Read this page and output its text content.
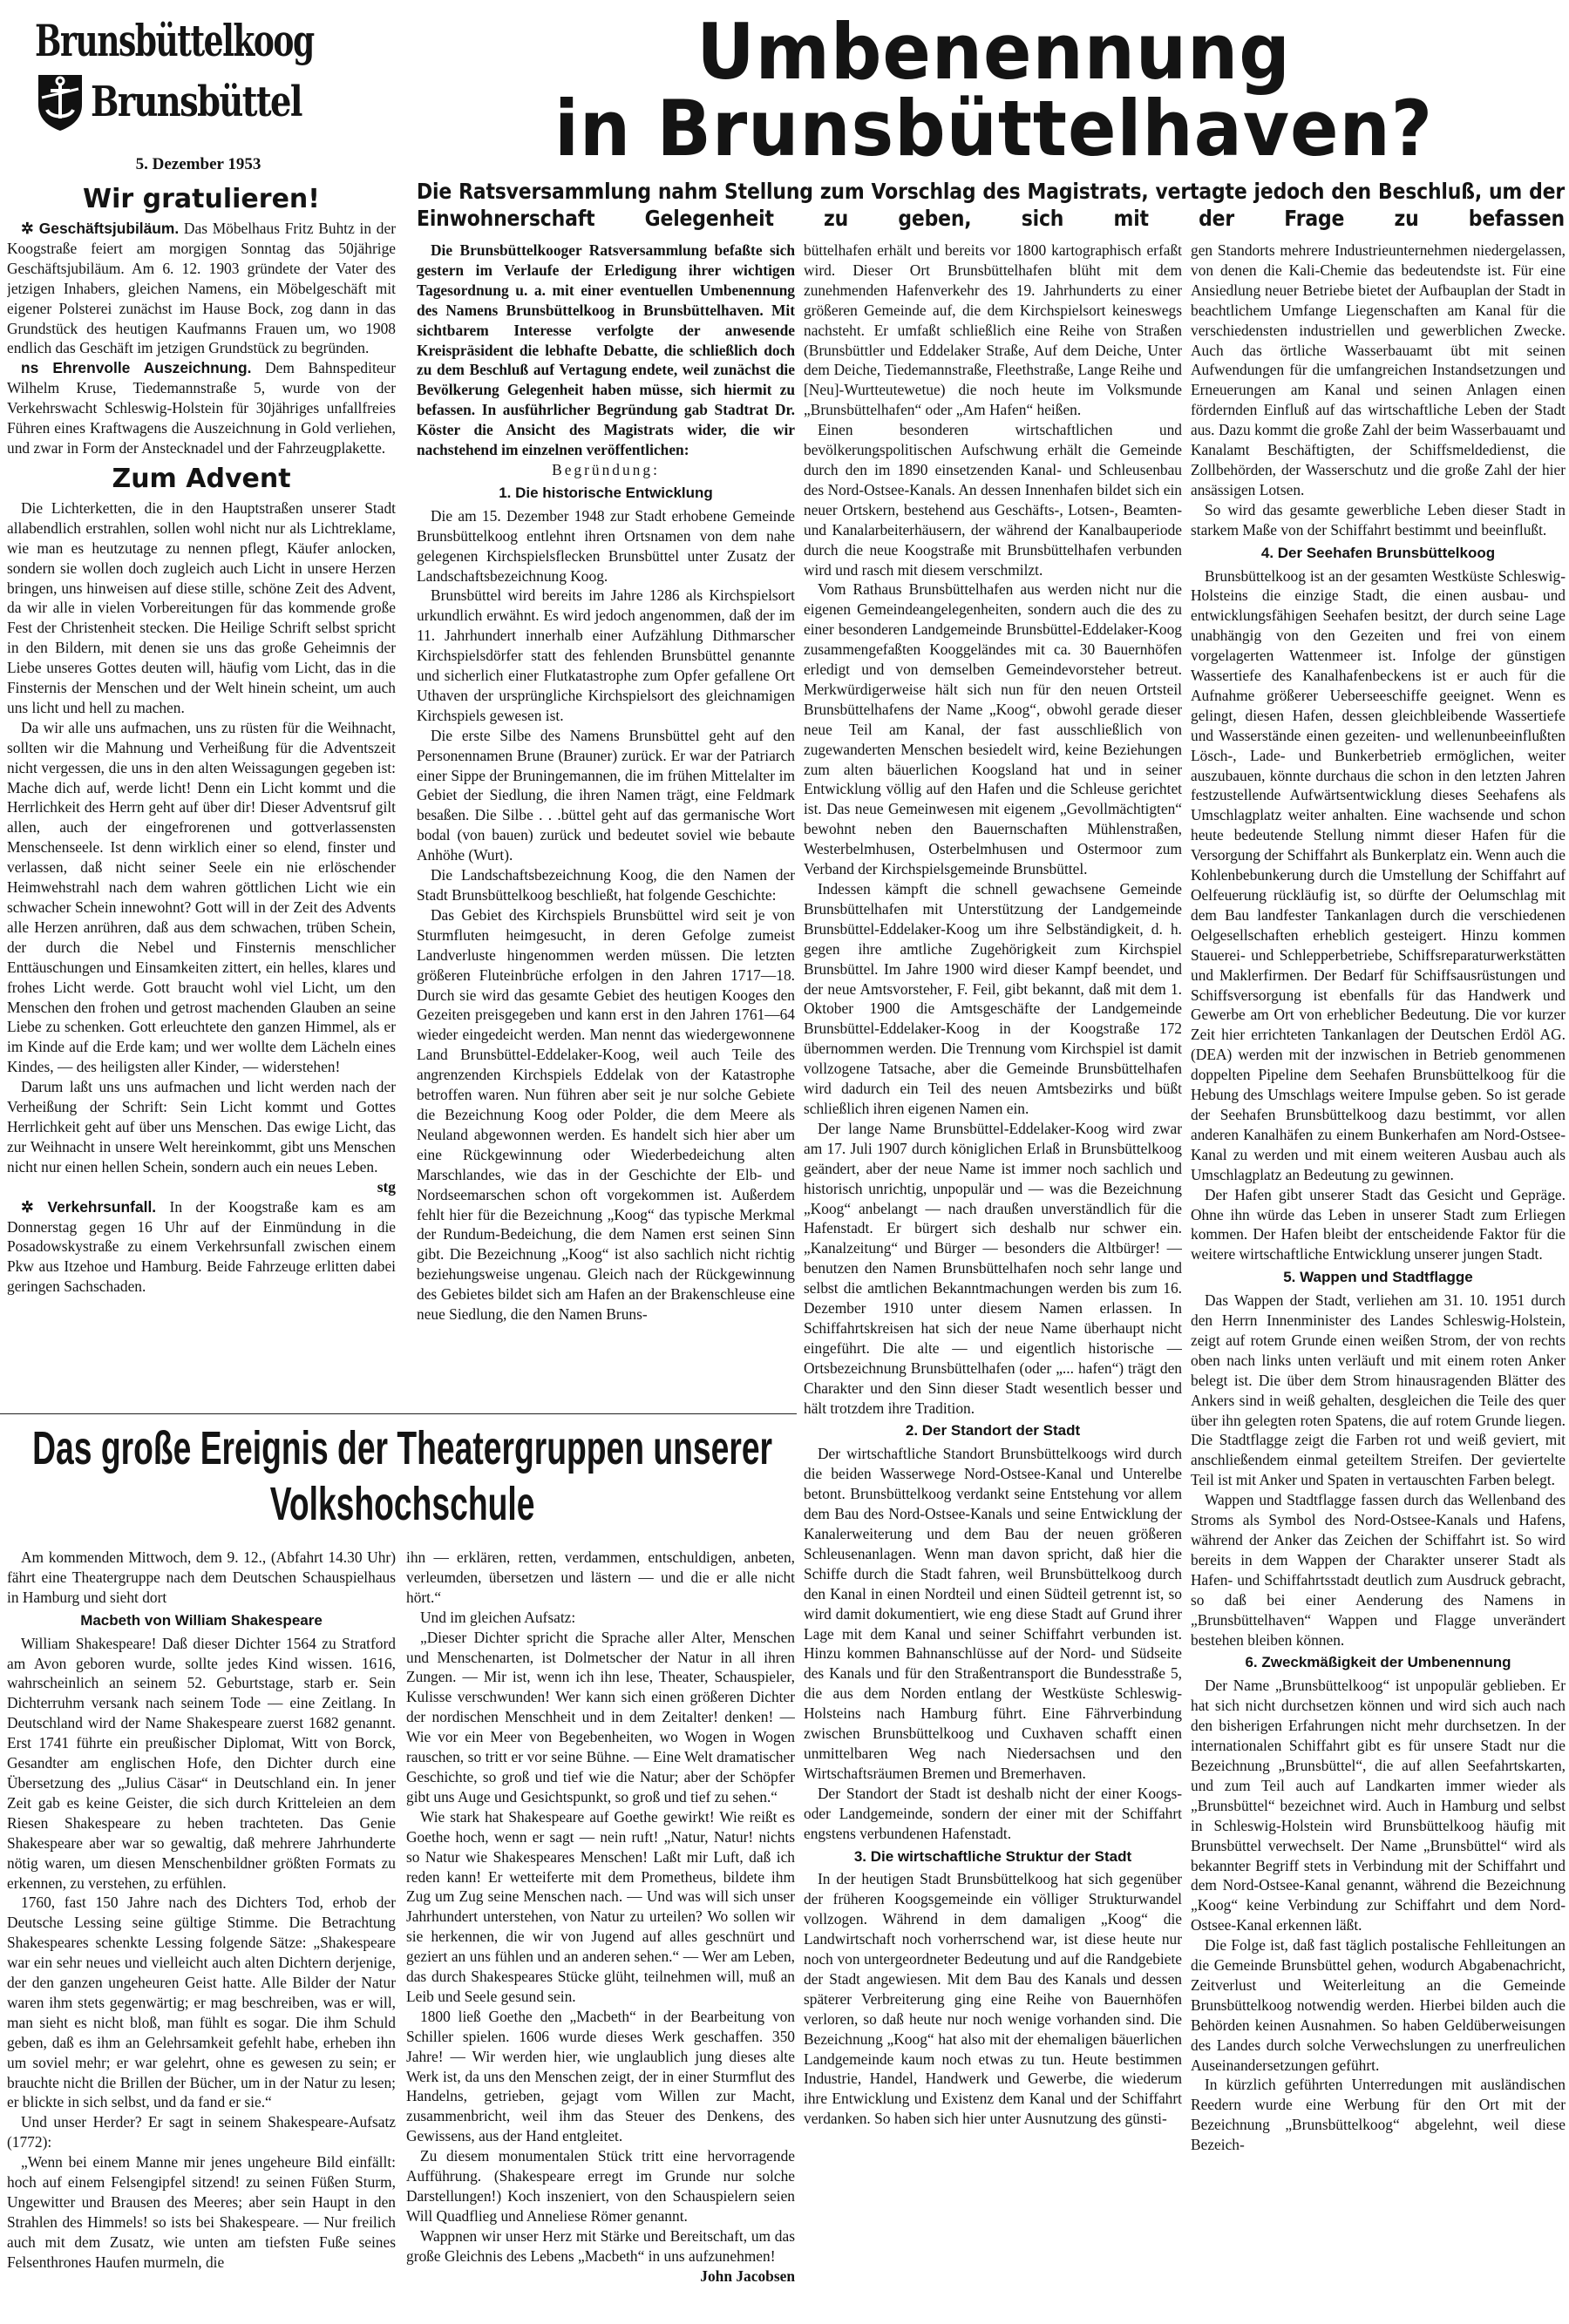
Brunsbüttelkoog
Brunsbüttel
5. Dezember 1953
Umbenennung
in Brunsbüttelhaven?
Die Ratsversammlung nahm Stellung zum Vorschlag des Magistrats, vertagte jedoch den Beschluß, um der Einwohnerschaft Gelegenheit zu geben, sich mit der Frage zu befassen

Wir gratulieren!

✲ Geschäftsjubiläum. Das Möbelhaus Fritz Buhtz in der Koogstraße feiert am morgigen Sonntag das 50jährige Geschäftsjubiläum. Am 6. 12. 1903 gründete der Vater des jetzigen Inhabers, gleichen Namens, ein Möbelgeschäft mit eigener Polsterei zunächst im Hause Bock, zog dann in das Grundstück des heutigen Kaufmanns Frauen um, wo 1908 endlich das Geschäft im jetzigen Grundstück zu begründen.

ns Ehrenvolle Auszeichnung. Dem Bahnspediteur Wilhelm Kruse, Tiedemannstraße 5, wurde von der Verkehrswacht Schleswig-Holstein für 30jähriges unfallfreies Führen eines Kraftwagens die Auszeichnung in Gold verliehen, und zwar in Form der Anstecknadel und der Fahrzeugplakette.

Zum Advent

Die Lichterketten, die in den Hauptstraßen unserer Stadt allabendlich erstrahlen, sollen wohl nicht nur als Lichtreklame, wie man es heutzutage zu nennen pflegt, Käufer anlocken, sondern sie wollen doch zugleich auch Licht in unsere Herzen bringen, uns hinweisen auf diese stille, schöne Zeit des Advent, da wir alle in vielen Vorbereitungen für das kommende große Fest der Christenheit stecken. Die Heilige Schrift selbst spricht in den Bildern, mit denen sie uns das große Geheimnis der Liebe unseres Gottes deuten will, häufig vom Licht, das in die Finsternis der Menschen und der Welt hinein scheint, um auch uns licht und hell zu machen.

Da wir alle uns aufmachen, uns zu rüsten für die Weihnacht, sollten wir die Mahnung und Verheißung für die Adventszeit nicht vergessen, die uns in den alten Weissagungen gegeben ist: Mache dich auf, werde licht! Denn ein Licht kommt und die Herrlichkeit des Herrn geht auf über dir! Dieser Adventsruf gilt allen, auch der eingefrorenen und gottverlassensten Menschenseele. Ist denn wirklich einer so elend, finster und verlassen, daß nicht seiner Seele ein nie erlöschender Heimwehstrahl nach dem wahren göttlichen Licht wie ein schwacher Schein innewohnt? Gott will in der Zeit des Advents alle Herzen anrühren, daß aus dem schwachen, trüben Schein, der durch die Nebel und Finsternis menschlicher Enttäuschungen und Einsamkeiten zittert, ein helles, klares und frohes Licht werde. Gott braucht wohl viel Licht, um den Menschen den frohen und getrost machenden Glauben an seine Liebe zu schenken. Gott erleuchtete den ganzen Himmel, als er im Kinde auf die Erde kam; und wer wollte dem Lächeln eines Kindes, — des heiligsten aller Kinder, — widerstehen!

Darum laßt uns uns aufmachen und licht werden nach der Verheißung der Schrift: Sein Licht kommt und Gottes Herrlichkeit geht auf über uns Menschen. Das ewige Licht, das zur Weihnacht in unsere Welt hereinkommt, gibt uns Menschen nicht nur einen hellen Schein, sondern auch ein neues Leben.

stg

✲ Verkehrsunfall. In der Koogstraße kam es am Donnerstag gegen 16 Uhr auf der Einmündung in die Posadowskystraße zu einem Verkehrsunfall zwischen einem Pkw aus Itzehoe und Hamburg. Beide Fahrzeuge erlitten dabei geringen Sachschaden.

Die Brunsbüttelkooger Ratsversammlung befaßte sich gestern im Verlaufe der Erledigung ihrer wichtigen Tagesordnung u. a. mit einer eventuellen Umbenennung des Namens Brunsbüttelkoog in Brunsbüttelhaven. Mit sichtbarem Interesse verfolgte der anwesende Kreispräsident die lebhafte Debatte, die schließlich doch zu dem Beschluß auf Vertagung endete, weil zunächst die Bevölkerung Gelegenheit haben müsse, sich hiermit zu befassen. In ausführlicher Begründung gab Stadtrat Dr. Köster die Ansicht des Magistrats wider, die wir nachstehend im einzelnen veröffentlichen:

Begründung:

1. Die historische Entwicklung

Die am 15. Dezember 1948 zur Stadt erhobene Gemeinde Brunsbüttelkoog entlehnt ihren Ortsnamen von dem nahe gelegenen Kirchspielsflecken Brunsbüttel unter Zusatz der Landschaftsbezeichnung Koog.

Brunsbüttel wird bereits im Jahre 1286 als Kirchspielsort urkundlich erwähnt. Es wird jedoch angenommen, daß der im 11. Jahrhundert innerhalb einer Aufzählung Dithmarscher Kirchspielsdörfer statt des fehlenden Brunsbüttel genannte und sicherlich einer Flutkatastrophe zum Opfer gefallene Ort Uthaven der ursprüngliche Kirchspielsort des gleichnamigen Kirchspiels gewesen ist.

Die erste Silbe des Namens Brunsbüttel geht auf den Personennamen Brune (Brauner) zurück. Er war der Patriarch einer Sippe der Bruningemannen, die im frühen Mittelalter im Gebiet der Siedlung, die ihren Namen trägt, eine Feldmark besaßen. Die Silbe . . .büttel geht auf das germanische Wort bodal (von bauen) zurück und bedeutet soviel wie bebaute Anhöhe (Wurt).

Die Landschaftsbezeichnung Koog, die den Namen der Stadt Brunsbüttelkoog beschließt, hat folgende Geschichte:

Das Gebiet des Kirchspiels Brunsbüttel wird seit je von Sturmfluten heimgesucht, in deren Gefolge zumeist Landverluste hingenommen werden müssen. Die letzten größeren Fluteinbrüche erfolgen in den Jahren 1717—18. Durch sie wird das gesamte Gebiet des heutigen Kooges den Gezeiten preisgegeben und kann erst in den Jahren 1761—64 wieder eingedeicht werden. Man nennt das wiedergewonnene Land Brunsbüttel-Eddelaker-Koog, weil auch Teile des angrenzenden Kirchspiels Eddelak von der Katastrophe betroffen waren. Nun führen aber seit je nur solche Gebiete die Bezeichnung Koog oder Polder, die dem Meere als Neuland abgewonnen werden. Es handelt sich hier aber um eine Rückgewinnung oder Wiederbedeichung alten Marschlandes, wie das in der Geschichte der Elb- und Nordseemarschen schon oft vorgekommen ist. Außerdem fehlt hier für die Bezeichnung „Koog“ das typische Merkmal der Rundum-Bedeichung, die dem Namen erst seinen Sinn gibt. Die Bezeichnung „Koog“ ist also sachlich nicht richtig beziehungsweise ungenau. Gleich nach der Rückgewinnung des Gebietes bildet sich am Hafen an der Brakenschleuse eine neue Siedlung, die den Namen Bruns-

büttelhafen erhält und bereits vor 1800 kartographisch erfaßt wird. Dieser Ort Brunsbüttelhafen blüht mit dem zunehmenden Hafenverkehr des 19. Jahrhunderts zu einer größeren Gemeinde auf, die dem Kirchspielsort keineswegs nachsteht. Er umfaßt schließlich eine Reihe von Straßen (Brunsbüttler und Eddelaker Straße, Auf dem Deiche, Unter dem Deiche, Tiedemannstraße, Fleethstraße, Lange Reihe und [Neu]-Wurtteutewetue) die noch heute im Volksmunde „Brunsbüttelhafen“ oder „Am Hafen“ heißen.

Einen besonderen wirtschaftlichen und bevölkerungspolitischen Aufschwung erhält die Gemeinde durch den im 1890 einsetzenden Kanal- und Schleusenbau des Nord-Ostsee-Kanals. An dessen Innenhafen bildet sich ein neuer Ortskern, bestehend aus Geschäfts-, Lotsen-, Beamten- und Kanalarbeiterhäusern, der während der Kanalbauperiode durch die neue Koogstraße mit Brunsbüttelhafen verbunden wird und rasch mit diesem verschmilzt.

Vom Rathaus Brunsbüttelhafen aus werden nicht nur die eigenen Gemeindeangelegenheiten, sondern auch die des zu einer besonderen Landgemeinde Brunsbüttel-Eddelaker-Koog zusammengefaßten Kooggeländes mit ca. 30 Bauernhöfen erledigt und von demselben Gemeindevorsteher betreut. Merkwürdigerweise hält sich nun für den neuen Ortsteil Brunsbüttelhafens der Name „Koog“, obwohl gerade dieser neue Teil am Kanal, der fast ausschließlich von zugewanderten Menschen besiedelt wird, keine Beziehungen zum alten bäuerlichen Koogsland hat und in seiner Entwicklung völlig auf den Hafen und die Schleuse gerichtet ist. Das neue Gemeinwesen mit eigenem „Gevollmächtigten“ bewohnt neben den Bauernschaften Mühlenstraßen, Westerbelmhusen, Osterbelmhusen und Ostermoor zum Verband der Kirchspielsgemeinde Brunsbüttel.

Indessen kämpft die schnell gewachsene Gemeinde Brunsbüttelhafen mit Unterstützung der Landgemeinde Brunsbüttel-Eddelaker-Koog um ihre Selbständigkeit, d. h. gegen ihre amtliche Zugehörigkeit zum Kirchspiel Brunsbüttel. Im Jahre 1900 wird dieser Kampf beendet, und der neue Amtsvorsteher, F. Feil, gibt bekannt, daß mit dem 1. Oktober 1900 die Amtsgeschäfte der Landgemeinde Brunsbüttel-Eddelaker-Koog in der Koogstraße 172 übernommen werden. Die Trennung vom Kirchspiel ist damit vollzogene Tatsache, aber die Gemeinde Brunsbüttelhafen wird dadurch ein Teil des neuen Amtsbezirks und büßt schließlich ihren eigenen Namen ein.

Der lange Name Brunsbüttel-Eddelaker-Koog wird zwar am 17. Juli 1907 durch königlichen Erlaß in Brunsbüttelkoog geändert, aber der neue Name ist immer noch sachlich und historisch unrichtig, unpopulär und — was die Bezeichnung „Koog“ anbelangt — nach draußen unverständlich für die Hafenstadt. Er bürgert sich deshalb nur schwer ein. „Kanalzeitung“ und Bürger — besonders die Altbürger! — benutzen den Namen Brunsbüttelhafen noch sehr lange und selbst die amtlichen Bekanntmachungen werden bis zum 16. Dezember 1910 unter diesem Namen erlassen. In Schiffahrtskreisen hat sich der neue Name überhaupt nicht eingeführt. Die alte — und eigentlich historische — Ortsbezeichnung Brunsbüttelhafen (oder „... hafen“) trägt den Charakter und den Sinn dieser Stadt wesentlich besser und hält trotzdem ihre Tradition.

2. Der Standort der Stadt

Der wirtschaftliche Standort Brunsbüttelkoogs wird durch die beiden Wasserwege Nord-Ostsee-Kanal und Unterelbe betont. Brunsbüttelkoog verdankt seine Entstehung vor allem dem Bau des Nord-Ostsee-Kanals und seine Entwicklung der Kanalerweiterung und dem Bau der neuen größeren Schleusenanlagen. Wenn man davon spricht, daß hier die Schiffe durch die Stadt fahren, weil Brunsbüttelkoog durch den Kanal in einen Nordteil und einen Südteil getrennt ist, so wird damit dokumentiert, wie eng diese Stadt auf Grund ihrer Lage mit dem Kanal und seiner Schiffahrt verbunden ist. Hinzu kommen Bahnanschlüsse auf der Nord- und Südseite des Kanals und für den Straßentransport die Bundesstraße 5, die aus dem Norden entlang der Westküste Schleswig-Holsteins nach Hamburg führt. Eine Fährverbindung zwischen Brunsbüttelkoog und Cuxhaven schafft einen unmittelbaren Weg nach Niedersachsen und den Wirtschaftsräumen Bremen und Bremerhaven.

Der Standort der Stadt ist deshalb nicht der einer Koogs- oder Landgemeinde, sondern der einer mit der Schiffahrt engstens verbundenen Hafenstadt.

3. Die wirtschaftliche Struktur der Stadt

In der heutigen Stadt Brunsbüttelkoog hat sich gegenüber der früheren Koogsgemeinde ein völliger Strukturwandel vollzogen. Während in dem damaligen „Koog“ die Landwirtschaft noch vorherrschend war, ist diese heute nur noch von untergeordneter Bedeutung und auf die Randgebiete der Stadt angewiesen. Mit dem Bau des Kanals und dessen späterer Verbreiterung ging eine Reihe von Bauernhöfen verloren, so daß heute nur noch wenige vorhanden sind. Die Bezeichnung „Koog“ hat also mit der ehemaligen bäuerlichen Landgemeinde kaum noch etwas zu tun. Heute bestimmen Industrie, Handel, Handwerk und Gewerbe, die wiederum ihre Entwicklung und Existenz dem Kanal und der Schiffahrt verdanken. So haben sich hier unter Ausnutzung des günsti-

gen Standorts mehrere Industrieunternehmen niedergelassen, von denen die Kali-Chemie das bedeutendste ist. Für eine Ansiedlung neuer Betriebe bietet der Aufbauplan der Stadt in beachtlichem Umfange Liegenschaften am Kanal für die verschiedensten industriellen und gewerblichen Zwecke. Auch das örtliche Wasserbauamt übt mit seinen Aufwendungen für die umfangreichen Instandsetzungen und Erneuerungen am Kanal und seinen Anlagen einen fördernden Einfluß auf das wirtschaftliche Leben der Stadt aus. Dazu kommt die große Zahl der beim Wasserbauamt und Kanalamt Beschäftigten, der Schiffsmeldedienst, die Zollbehörden, der Wasserschutz und die große Zahl der hier ansässigen Lotsen.

So wird das gesamte gewerbliche Leben dieser Stadt in starkem Maße von der Schiffahrt bestimmt und beeinflußt.

4. Der Seehafen Brunsbüttelkoog

Brunsbüttelkoog ist an der gesamten Westküste Schleswig-Holsteins die einzige Stadt, die einen ausbau- und entwicklungsfähigen Seehafen besitzt, der durch seine Lage unabhängig von den Gezeiten und frei von einem vorgelagerten Wattenmeer ist. Infolge der günstigen Wassertiefe des Kanalhafenbeckens ist er auch für die Aufnahme größerer Ueberseeschiffe geeignet. Wenn es gelingt, diesen Hafen, dessen gleichbleibende Wassertiefe und Wasserstände einen gezeiten- und wellenunbeeinflußten Lösch-, Lade- und Bunkerbetrieb ermöglichen, weiter auszubauen, könnte durchaus die schon in den letzten Jahren festzustellende Aufwärtsentwicklung dieses Seehafens als Umschlagplatz weiter anhalten. Eine wachsende und schon heute bedeutende Stellung nimmt dieser Hafen für die Versorgung der Schiffahrt als Bunkerplatz ein. Wenn auch die Kohlenbebunkerung durch die Umstellung der Schiffahrt auf Oelfeuerung rückläufig ist, so dürfte der Oelumschlag mit dem Bau landfester Tankanlagen durch die verschiedenen Oelgesellschaften erheblich gesteigert. Hinzu kommen Stauerei- und Schlepperbetriebe, Schiffsreparaturwerkstätten und Maklerfirmen. Der Bedarf für Schiffsausrüstungen und Schiffsversorgung ist ebenfalls für das Handwerk und Gewerbe am Ort von erheblicher Bedeutung. Die vor kurzer Zeit hier errichteten Tankanlagen der Deutschen Erdöl AG. (DEA) werden mit der inzwischen in Betrieb genommenen doppelten Pipeline dem Seehafen Brunsbüttelkoog für die Hebung des Umschlags weitere Impulse geben. So ist gerade der Seehafen Brunsbüttelkoog dazu bestimmt, vor allen anderen Kanalhäfen zu einem Bunkerhafen am Nord-Ostsee-Kanal zu werden und mit einem weiteren Ausbau auch als Umschlagplatz an Bedeutung zu gewinnen.

Der Hafen gibt unserer Stadt das Gesicht und Gepräge. Ohne ihn würde das Leben in unserer Stadt zum Erliegen kommen. Der Hafen bleibt der entscheidende Faktor für die weitere wirtschaftliche Entwicklung unserer jungen Stadt.

5. Wappen und Stadtflagge

Das Wappen der Stadt, verliehen am 31. 10. 1951 durch den Herrn Innenminister des Landes Schleswig-Holstein, zeigt auf rotem Grunde einen weißen Strom, der von rechts oben nach links unten verläuft und mit einem roten Anker belegt ist. Die über dem Strom hinausragenden Blätter des Ankers sind in weiß gehalten, desgleichen die Teile des quer über ihn gelegten roten Spatens, die auf rotem Grunde liegen. Die Stadtflagge zeigt die Farben rot und weiß geviert, mit anschließendem einmal geteiltem Streifen. Der geviertelte Teil ist mit Anker und Spaten in vertauschten Farben belegt.

Wappen und Stadtflagge fassen durch das Wellenband des Stroms als Symbol des Nord-Ostsee-Kanals und Hafens, während der Anker das Zeichen der Schiffahrt ist. So wird bereits in dem Wappen der Charakter unserer Stadt als Hafen- und Schiffahrtsstadt deutlich zum Ausdruck gebracht, so daß bei einer Aenderung des Namens in „Brunsbüttelhaven“ Wappen und Flagge unverändert bestehen bleiben können.

6. Zweckmäßigkeit der Umbenennung

Der Name „Brunsbüttelkoog“ ist unpopulär geblieben. Er hat sich nicht durchsetzen können und wird sich auch nach den bisherigen Erfahrungen nicht mehr durchsetzen. In der internationalen Schiffahrt gibt es für unsere Stadt nur die Bezeichnung „Brunsbüttel“, die auf allen Seefahrtskarten, und zum Teil auch auf Landkarten immer wieder als „Brunsbüttel“ bezeichnet wird. Auch in Hamburg und selbst in Schleswig-Holstein wird Brunsbüttelkoog häufig mit Brunsbüttel verwechselt. Der Name „Brunsbüttel“ wird als bekannter Begriff stets in Verbindung mit der Schiffahrt und dem Nord-Ostsee-Kanal genannt, während die Bezeichnung „Koog“ keine Verbindung zur Schiffahrt und dem Nord-Ostsee-Kanal erkennen läßt.

Die Folge ist, daß fast täglich postalische Fehlleitungen an die Gemeinde Brunsbüttel gehen, wodurch Abgabenachricht, Zeitverlust und Weiterleitung an die Gemeinde Brunsbüttelkoog notwendig werden. Hierbei bilden auch die Behörden keinen Ausnahmen. So haben Geldüberweisungen des Landes durch solche Verwechslungen zu unerfreulichen Auseinandersetzungen geführt.

In kürzlich geführten Unterredungen mit ausländischen Reedern wurde eine Werbung für den Ort mit der Bezeichnung „Brunsbüttelkoog“ abgelehnt, weil diese Bezeich-

Das große Ereignis der Theatergruppen unserer Volkshochschule

Am kommenden Mittwoch, dem 9. 12., (Abfahrt 14.30 Uhr) fährt eine Theatergruppe nach dem Deutschen Schauspielhaus in Hamburg und sieht dort

Macbeth von William Shakespeare

William Shakespeare! Daß dieser Dichter 1564 zu Stratford am Avon geboren wurde, sollte jedes Kind wissen. 1616, wahrscheinlich an seinem 52. Geburtstage, starb er. Sein Dichterruhm versank nach seinem Tode — eine Zeitlang. In Deutschland wird der Name Shakespeare zuerst 1682 genannt. Erst 1741 führte ein preußischer Diplomat, Witt von Borck, Gesandter am englischen Hofe, den Dichter durch eine Übersetzung des „Julius Cäsar“ in Deutschland ein. In jener Zeit gab es keine Geister, die sich durch Kritteleien an dem Riesen Shakespeare zu heben trachteten. Das Genie Shakespeare aber war so gewaltig, daß mehrere Jahrhunderte nötig waren, um diesen Menschenbildner größten Formats zu erkennen, zu verstehen, zu erfühlen.

1760, fast 150 Jahre nach des Dichters Tod, erhob der Deutsche Lessing seine gültige Stimme. Die Betrachtung Shakespeares schenkte Lessing folgende Sätze: „Shakespeare war ein sehr neues und vielleicht auch alten Dichtern derjenige, der den ganzen ungeheuren Geist hatte. Alle Bilder der Natur waren ihm stets gegenwärtig; er mag beschreiben, was er will, man sieht es nicht bloß, man fühlt es sogar. Die ihm Schuld geben, daß es ihm an Gelehrsamkeit gefehlt habe, erheben ihn um soviel mehr; er war gelehrt, ohne es gewesen zu sein; er brauchte nicht die Brillen der Bücher, um in der Natur zu lesen; er blickte in sich selbst, und da fand er sie.“

Und unser Herder? Er sagt in seinem Shakespeare-Aufsatz (1772):

„Wenn bei einem Manne mir jenes ungeheure Bild einfällt: hoch auf einem Felsengipfel sitzend! zu seinen Füßen Sturm, Ungewitter und Brausen des Meeres; aber sein Haupt in den Strahlen des Himmels! so ists bei Shakespeare. — Nur freilich auch mit dem Zusatz, wie unten am tiefsten Fuße seines Felsenthrones Haufen murmeln, die

ihn — erklären, retten, verdammen, entschuldigen, anbeten, verleumden, übersetzen und lästern — und die er alle nicht hört.“

Und im gleichen Aufsatz:

„Dieser Dichter spricht die Sprache aller Alter, Menschen und Menschenarten, ist Dolmetscher der Natur in all ihren Zungen. — Mir ist, wenn ich ihn lese, Theater, Schauspieler, Kulisse verschwunden! Wer kann sich einen größeren Dichter der nordischen Menschheit und in dem Zeitalter! denken! — Wie vor ein Meer von Begebenheiten, wo Wogen in Wogen rauschen, so tritt er vor seine Bühne. — Eine Welt dramatischer Geschichte, so groß und tief wie die Natur; aber der Schöpfer gibt uns Auge und Gesichtspunkt, so groß und tief zu sehen.“

Wie stark hat Shakespeare auf Goethe gewirkt! Wie reißt es Goethe hoch, wenn er sagt — nein ruft! „Natur, Natur! nichts so Natur wie Shakespeares Menschen! Laßt mir Luft, daß ich reden kann! Er wetteiferte mit dem Prometheus, bildete ihm Zug um Zug seine Menschen nach. — Und was will sich unser Jahrhundert unterstehen, von Natur zu urteilen? Wo sollen wir sie herkennen, die wir von Jugend auf alles geschnürt und geziert an uns fühlen und an anderen sehen.“ — Wer am Leben, das durch Shakespeares Stücke glüht, teilnehmen will, muß an Leib und Seele gesund sein.

1800 ließ Goethe den „Macbeth“ in der Bearbeitung von Schiller spielen. 1606 wurde dieses Werk geschaffen. 350 Jahre! — Wir werden hier, wie unglaublich jung dieses alte Werk ist, da uns den Menschen zeigt, der in einer Sturmflut des Handelns, getrieben, gejagt vom Willen zur Macht, zusammenbricht, weil ihm das Steuer des Denkens, des Gewissens, aus der Hand entgleitet.

Zu diesem monumentalen Stück tritt eine hervorragende Aufführung. (Shakespeare erregt im Grunde nur solche Darstellungen!) Koch inszeniert, von den Schauspielern seien Will Quadflieg und Anneliese Römer genannt.

Wappnen wir unser Herz mit Stärke und Bereitschaft, um das große Gleichnis des Lebens „Macbeth“ in uns aufzunehmen!

John Jacobsen
